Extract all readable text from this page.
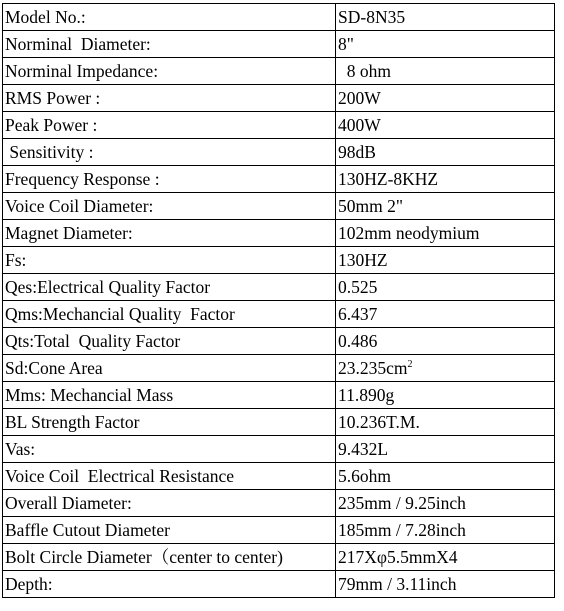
Model No.:	SD-8N35
Norminal  Diameter:	8"
Norminal Impedance:	8 ohm
RMS Power :	200W
Peak Power :	400W
Sensitivity :	98dB
Frequency Response :	130HZ-8KHZ
Voice Coil Diameter:	50mm 2"
Magnet Diameter:	102mm neodymium
Fs:	130HZ
Qes:Electrical Quality Factor	0.525
Qms:Mechancial Quality  Factor	6.437
Qts:Total  Quality Factor	0.486
Sd:Cone Area	$23.235cm^2$
Mms: Mechancial Mass	11.890g
BL Strength Factor	10.236T.M.
Vas:	9.432L
Voice Coil  Electrical Resistance	5.6ohm
Overall Diameter:	235mm / 9.25inch
Baffle Cutout Diameter	185mm / 7.28inch
Bolt Circle Diameter（center to center)	217Xφ5.5mmX4
Depth:	79mm / 3.11inch
